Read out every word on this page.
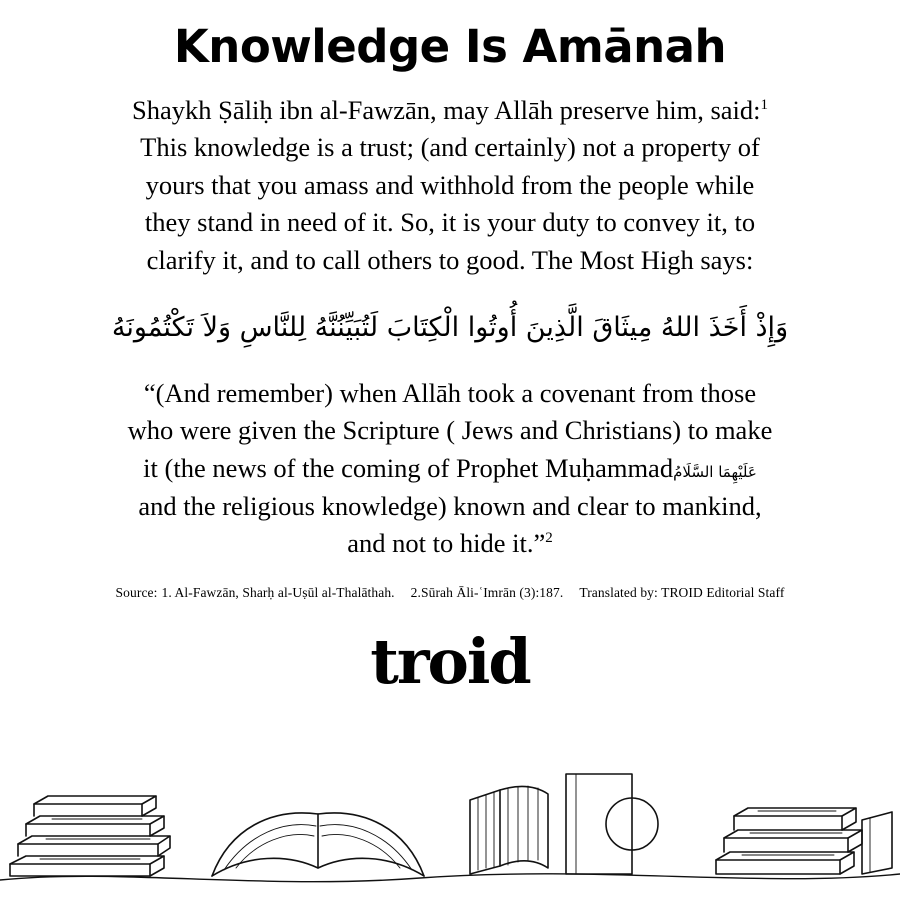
Knowledge Is Amānah

Shaykh Ṣāliḥ ibn al-Fawzān, may Allāh preserve him, said:$^1$

This knowledge is a trust; (and certainly) not a property of

yours that you amass and withhold from the people while

they stand in need of it. So, it is your duty to convey it, to

clarify it, and to call others to good. The Most High says:

وَإِذْ أَخَذَ اللهُ مِيثَاقَ الَّذِينَ أُوتُوا الْكِتَابَ لَتُبَيِّنُنَّهُ لِلنَّاسِ وَلاَ تَكْتُمُونَهُ

“(And remember) when Allāh took a covenant from those

who were given the Scripture ( Jews and Christians) to make

it (the news of the coming of Prophet Muḥammadعَلَيْهِمَا السَّلَامُ

and the religious knowledge) known and clear to mankind,

and not to hide it.”$^2$

Source: 1. Al-Fawzān, Sharḥ al-Uṣūl al-Thalāthah. 2.Sūrah Āli-ʿImrān (3):187. Translated by: TROID Editorial Staff
troid
